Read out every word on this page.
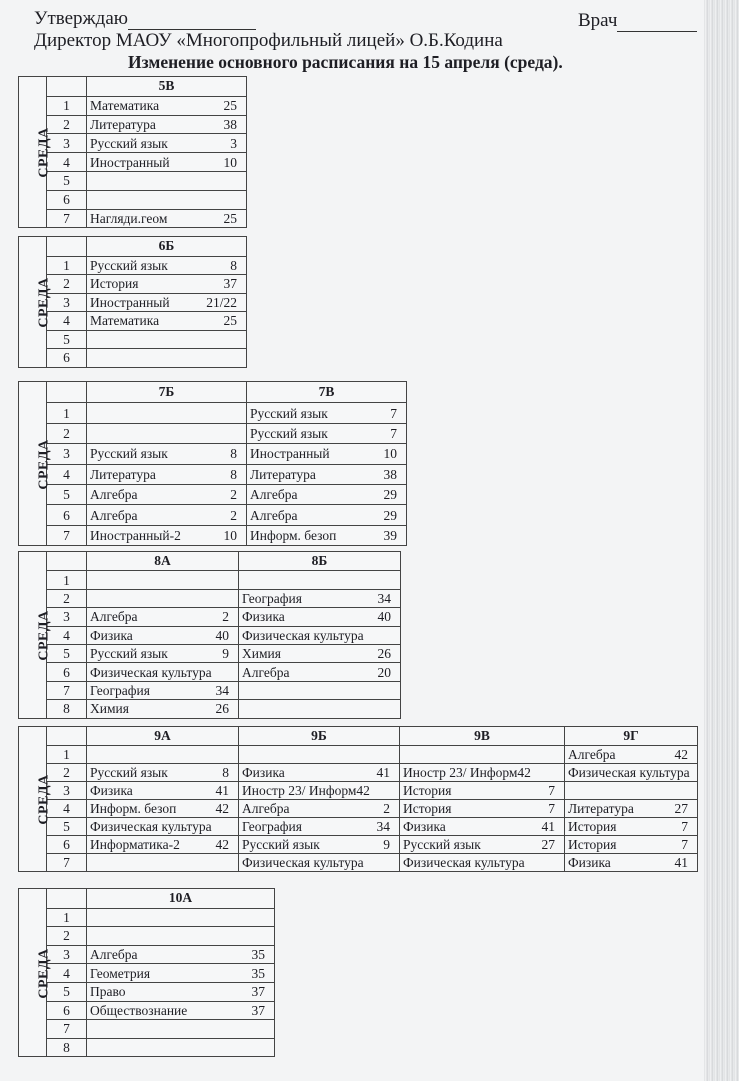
Утверждаю	Врач
Директор МАОУ «Многопрофильный лицей» О.Б.Кодина
Изменение основного расписания на 15 апреля (среда).
СРЕДА		5В
	1	Математика 25

	2	Литература 38

	3	Русский язык 3

	4	Иностранный 10

	5	

	6	

	7	Нагляди.геом 25
СРЕДА		6Б
	1	Русский язык 8

	2	История 37

	3	Иностранный 21/22

	4	Математика 25

	5	

	6	
СРЕДА		7Б	7В
	1		Русский язык 7

	2		Русский язык 7

	3	Русский язык 8	Иностранный 10

	4	Литература 8	Литература 38

	5	Алгебра 2	Алгебра 29

	6	Алгебра 2	Алгебра 29

	7	Иностранный-2 10	Информ. безоп 39
СРЕДА		8А	8Б
	1	

	2		География 34

	3	Алгебра 2	Физика 40

	4	Физика 40	Физическая культура

	5	Русский язык 9	Химия 26

	6	Физическая культура	Алгебра 20

	7	География 34	

	8	Химия 26	

СРЕДА		9А	9Б	9В	9Г
	1				Алгебра 42

	2	Русский язык 8	Физика 41	Иностр 23/ Информ42	Физическая культура

	3	Физика 41	Иностр 23/ Информ42	История 7	

	4	Информ. безоп 42	Алгебра 2	История 7	Литература 27

	5	Физическая культура	География 34	Физика 41	История 7

	6	Информатика-2 42	Русский язык 9	Русский язык 27	История 7

	7		Физическая культура	Физическая культура	Физика 41
СРЕДА		10А
	1	

	2	

	3	Алгебра 35

	4	Геометрия 35

	5	Право 37

	6	Обществознание 37

	7	

	8	
